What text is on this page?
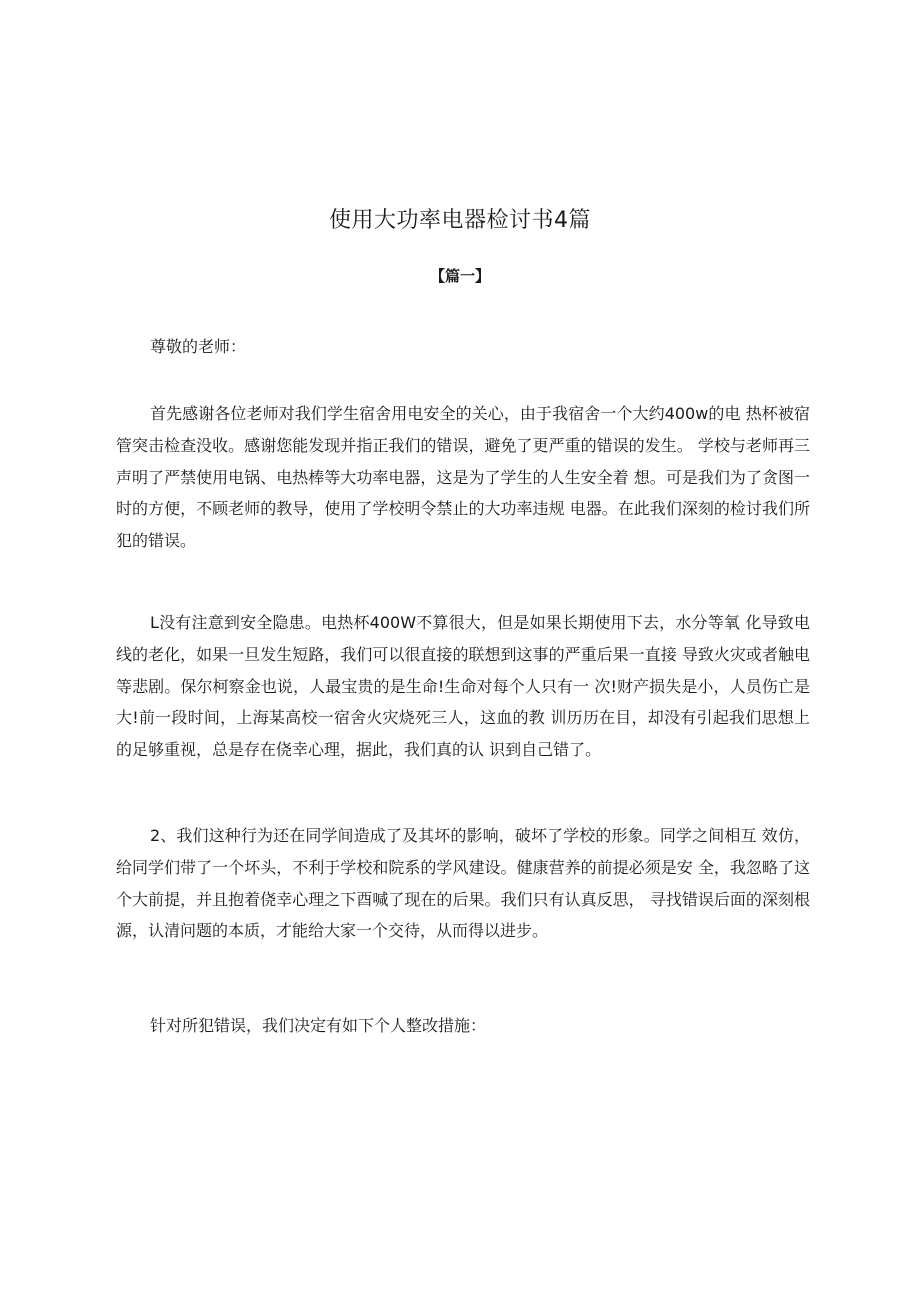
使用大功率电器检讨书4篇
【篇一】

尊敬的老师：

首先感谢各位老师对我们学生宿舍用电安全的关心，由于我宿舍一个大约400w的电 热杯被宿管突击检查没收。感谢您能发现并指正我们的错误，避免了更严重的错误的发生。 学校与老师再三声明了严禁使用电锅、电热棒等大功率电器，这是为了学生的人生安全着 想。可是我们为了贪图一时的方便，不顾老师的教导，使用了学校明令禁止的大功率违规 电器。在此我们深刻的检讨我们所犯的错误。

L没有注意到安全隐患。电热杯400W不算很大，但是如果长期使用下去，水分等氧 化导致电线的老化，如果一旦发生短路，我们可以很直接的联想到这事的严重后果一直接 导致火灾或者触电等悲剧。保尔柯察金也说，人最宝贵的是生命!生命对每个人只有一 次!财产损失是小，人员伤亡是大!前一段时间，上海某高校一宿舍火灾烧死三人，这血的教 训历历在目，却没有引起我们思想上的足够重视，总是存在侥幸心理，据此，我们真的认 识到自己错了。

2、我们这种行为还在同学间造成了及其坏的影响，破坏了学校的形象。同学之间相互 效仿，给同学们带了一个坏头，不利于学校和院系的学风建设。健康营养的前提必须是安 全，我忽略了这个大前提，并且抱着侥幸心理之下酉喊了现在的后果。我们只有认真反思， 寻找错误后面的深刻根源，认清问题的本质，才能给大家一个交待，从而得以进步。

针对所犯错误，我们决定有如下个人整改措施：
